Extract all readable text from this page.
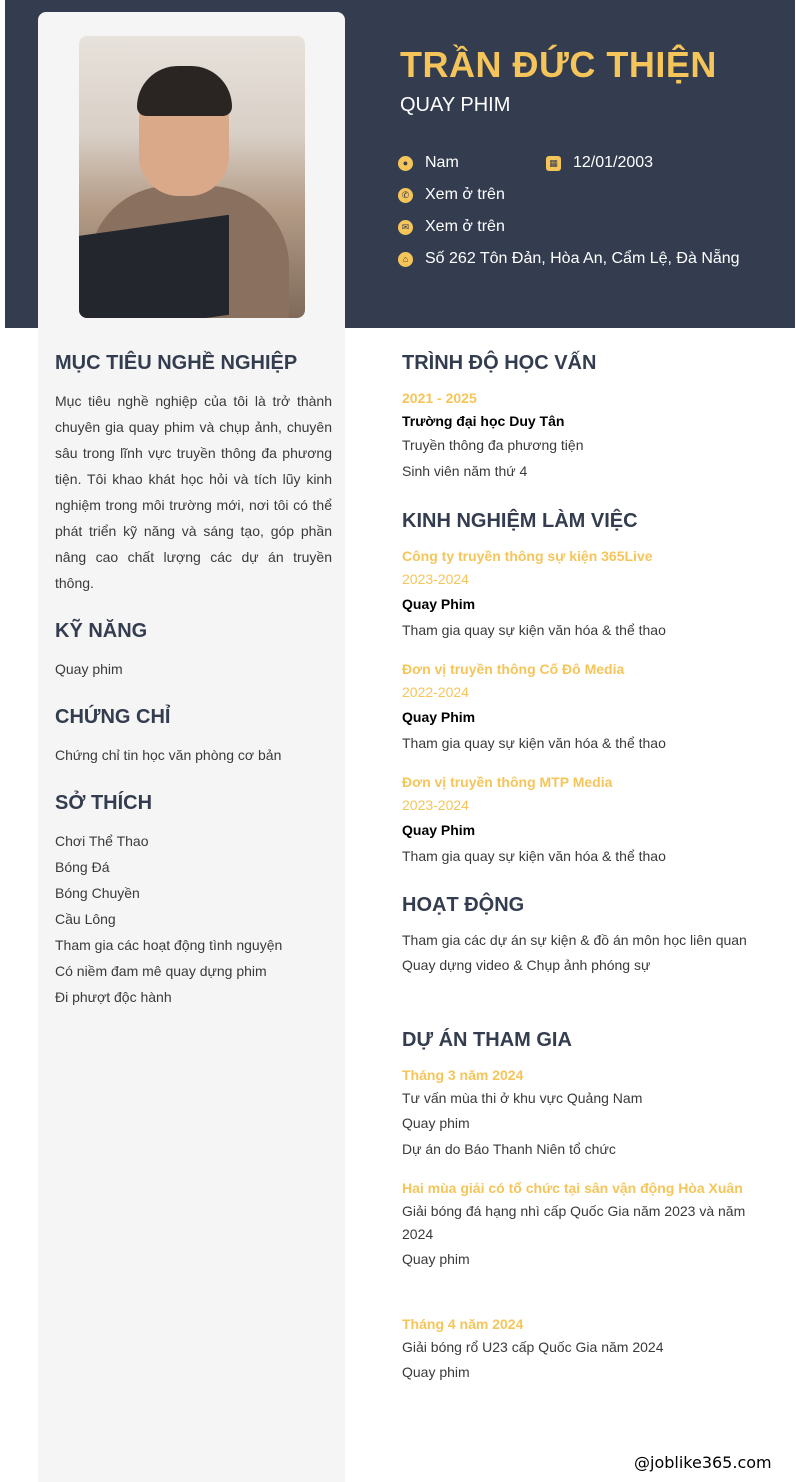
TRẦN ĐỨC THIỆN
QUAY PHIM
● Nam	▦ 12/01/2003
✆ Xem ở trên
✉ Xem ở trên
⌂ Số 262 Tôn Đản, Hòa An, Cẩm Lệ, Đà Nẵng
MỤC TIÊU NGHỀ NGHIỆP
Mục tiêu nghề nghiệp của tôi là trở thành chuyên gia quay phim và chụp ảnh, chuyên sâu trong lĩnh vực truyền thông đa phương tiện. Tôi khao khát học hỏi và tích lũy kinh nghiệm trong môi trường mới, nơi tôi có thể phát triển kỹ năng và sáng tạo, góp phần nâng cao chất lượng các dự án truyền thông.
KỸ NĂNG
Quay phim
CHỨNG CHỈ
Chứng chỉ tin học văn phòng cơ bản
SỞ THÍCH
Chơi Thể Thao
Bóng Đá
Bóng Chuyền
Cầu Lông
Tham gia các hoạt động tình nguyện
Có niềm đam mê quay dựng phim
Đi phượt độc hành
TRÌNH ĐỘ HỌC VẤN
2021 - 2025
Trường đại học Duy Tân
Truyền thông đa phương tiện
Sinh viên năm thứ 4
KINH NGHIỆM LÀM VIỆC
Công ty truyền thông sự kiện 365Live
2023-2024
Quay Phim
Tham gia quay sự kiện văn hóa & thể thao
Đơn vị truyền thông Cố Đô Media
2022-2024
Quay Phim
Tham gia quay sự kiện văn hóa & thể thao
Đơn vị truyền thông MTP Media
2023-2024
Quay Phim
Tham gia quay sự kiện văn hóa & thể thao
HOẠT ĐỘNG
Tham gia các dự án sự kiện & đồ án môn học liên quan
Quay dựng video & Chụp ảnh phóng sự
DỰ ÁN THAM GIA
Tháng 3 năm 2024
Tư vấn mùa thi ở khu vực Quảng Nam
Quay phim
Dự án do Báo Thanh Niên tổ chức
Hai mùa giải có tổ chức tại sân vận động Hòa Xuân
Giải bóng đá hạng nhì cấp Quốc Gia năm 2023 và năm 2024
Quay phim
Tháng 4 năm 2024
Giải bóng rổ U23 cấp Quốc Gia năm 2024
Quay phim
@joblike365.com
